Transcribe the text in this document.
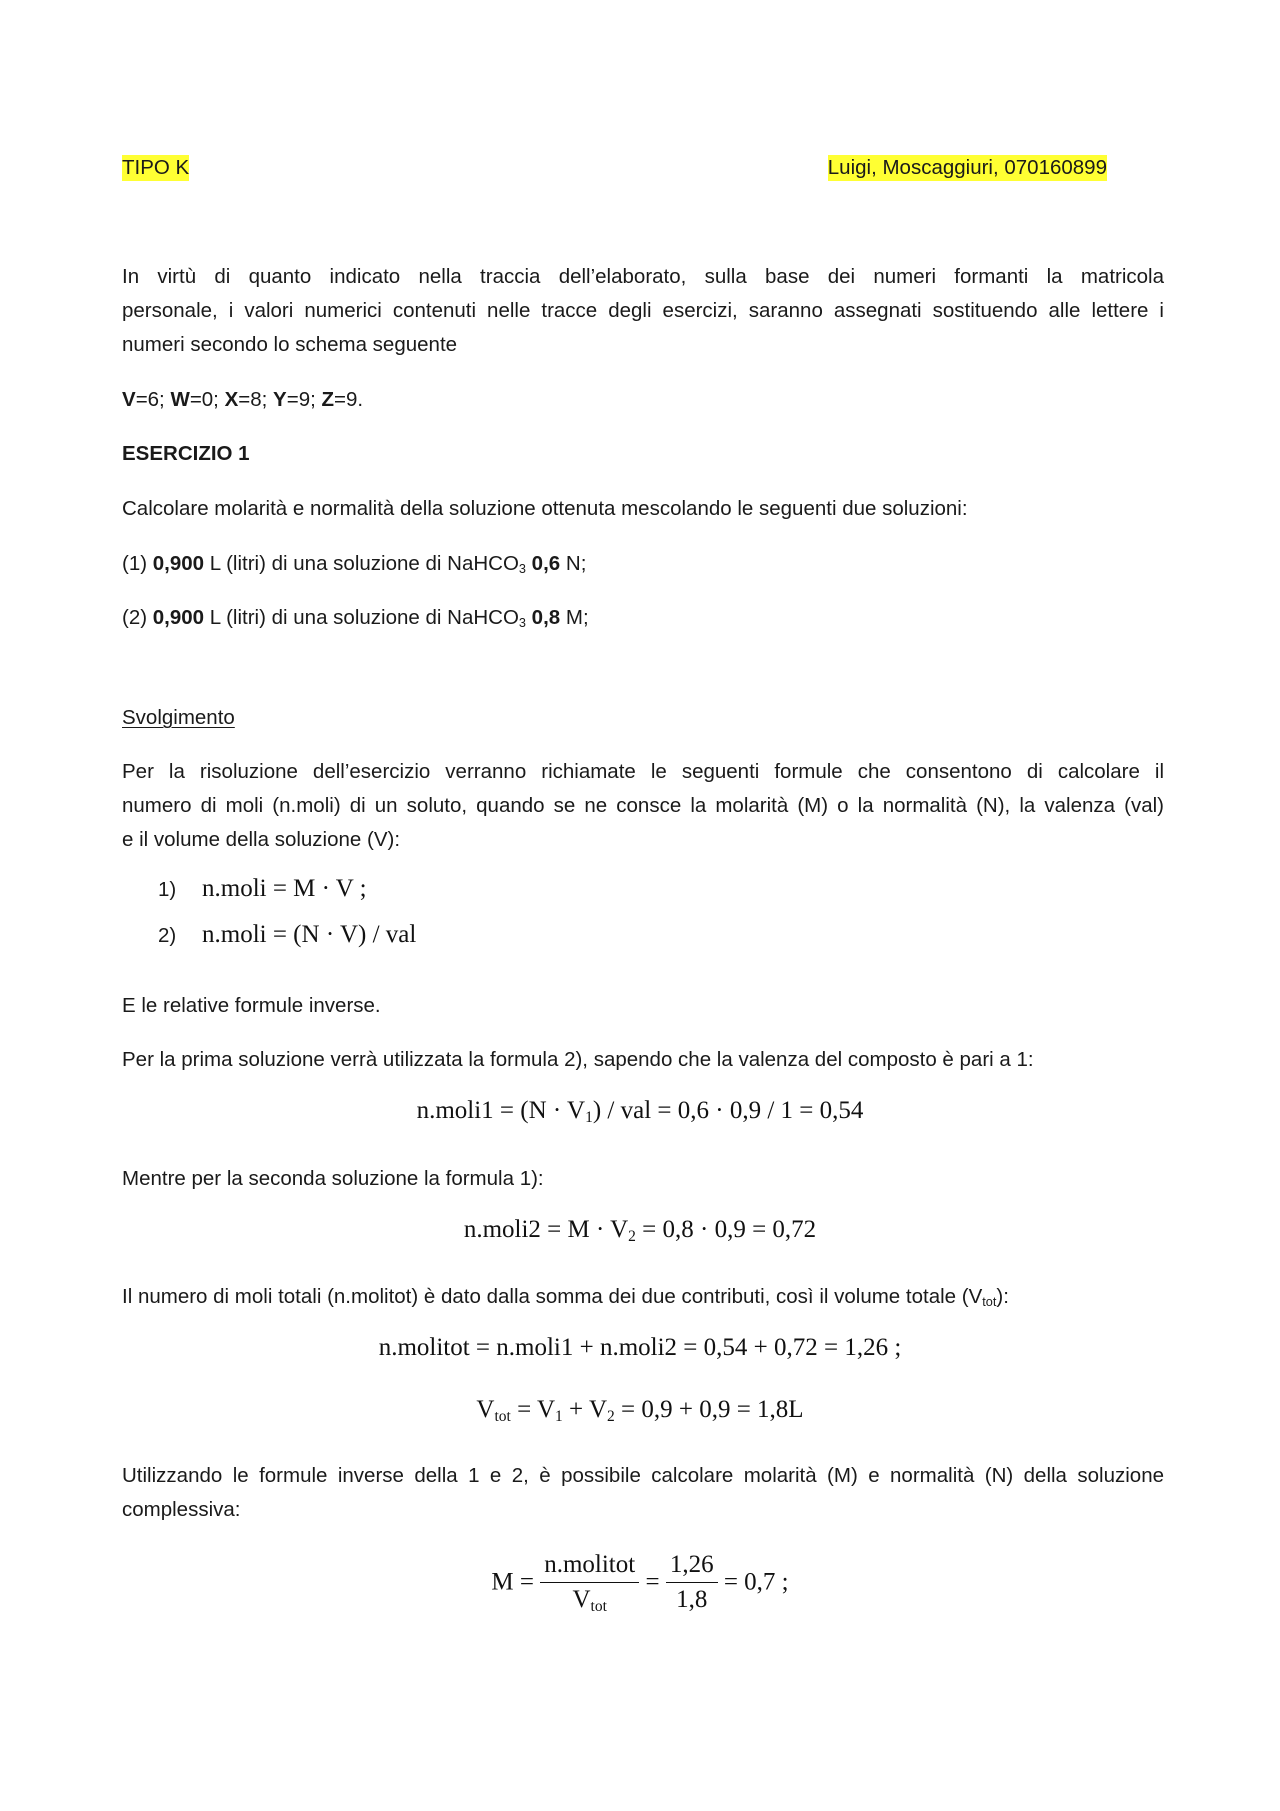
TIPO K	Luigi, Moscaggiuri, 070160899
In virtù di quanto indicato nella traccia dell’elaborato, sulla base dei numeri formanti la matricola
personale, i valori numerici contenuti nelle tracce degli esercizi, saranno assegnati sostituendo alle lettere i
numeri secondo lo schema seguente
V=6; W=0; X=8; Y=9; Z=9.
ESERCIZIO 1
Calcolare molarità e normalità della soluzione ottenuta mescolando le seguenti due soluzioni:
(1) 0,900 L (litri) di una soluzione di NaHCO$_3$ 0,6 N;
(2) 0,900 L (litri) di una soluzione di NaHCO$_3$ 0,8 M;
Svolgimento
Per la risoluzione dell’esercizio verranno richiamate le seguenti formule che consentono di calcolare il
numero di moli (n.moli) di un soluto, quando se ne consce la molarità (M) o la normalità (N), la valenza (val)
e il volume della soluzione (V):
1) n.moli = M · V ;
2) n.moli = (N · V) / val
E le relative formule inverse.
Per la prima soluzione verrà utilizzata la formula 2), sapendo che la valenza del composto è pari a 1:
n.moli1 = $(N \cdot V_1)$ / val = 0,6 · 0,9 / 1 = 0,54
Mentre per la seconda soluzione la formula 1):
n.moli2 = $M \cdot V_2 = 0,8 \cdot 0,9 = 0,72$
Il numero di moli totali (n.molitot) è dato dalla somma dei due contributi, così il volume totale $(V_{tot})$:
n.molitot = n.moli1 + n.moli2 = 0,54 + 0,72 = 1,26 ;
$V_{tot} = V_1 + V_2 = 0,9 + 0,9 = 1,8L$
Utilizzando le formule inverse della 1 e 2, è possibile calcolare molarità (M) e normalità (N) della soluzione
complessiva:
$M = \frac{\text{n.molitot}}{V_{tot}} = \frac{1,26}{1,8} = 0,7$ ;
